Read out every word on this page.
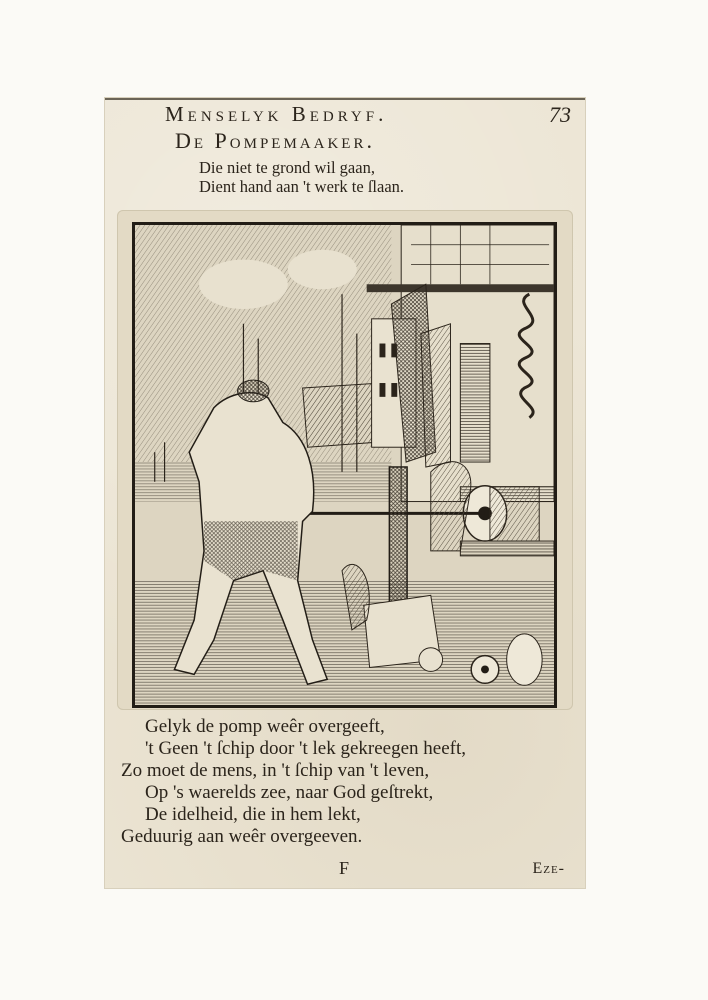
Menselyk Bedryf.	73
De Pompemaaker.
Die niet te grond wil gaan,
Dient hand aan 't werk te ſlaan.
Gelyk de pomp weêr overgeeft,
't Geen 't ſchip door 't lek gekreegen heeft,
Zo moet de mens, in 't ſchip van 't leven,
Op 's waerelds zee, naar God geſtrekt,
De idelheid, die in hem lekt,
Geduurig aan weêr overgeeven.
F	Eze-
